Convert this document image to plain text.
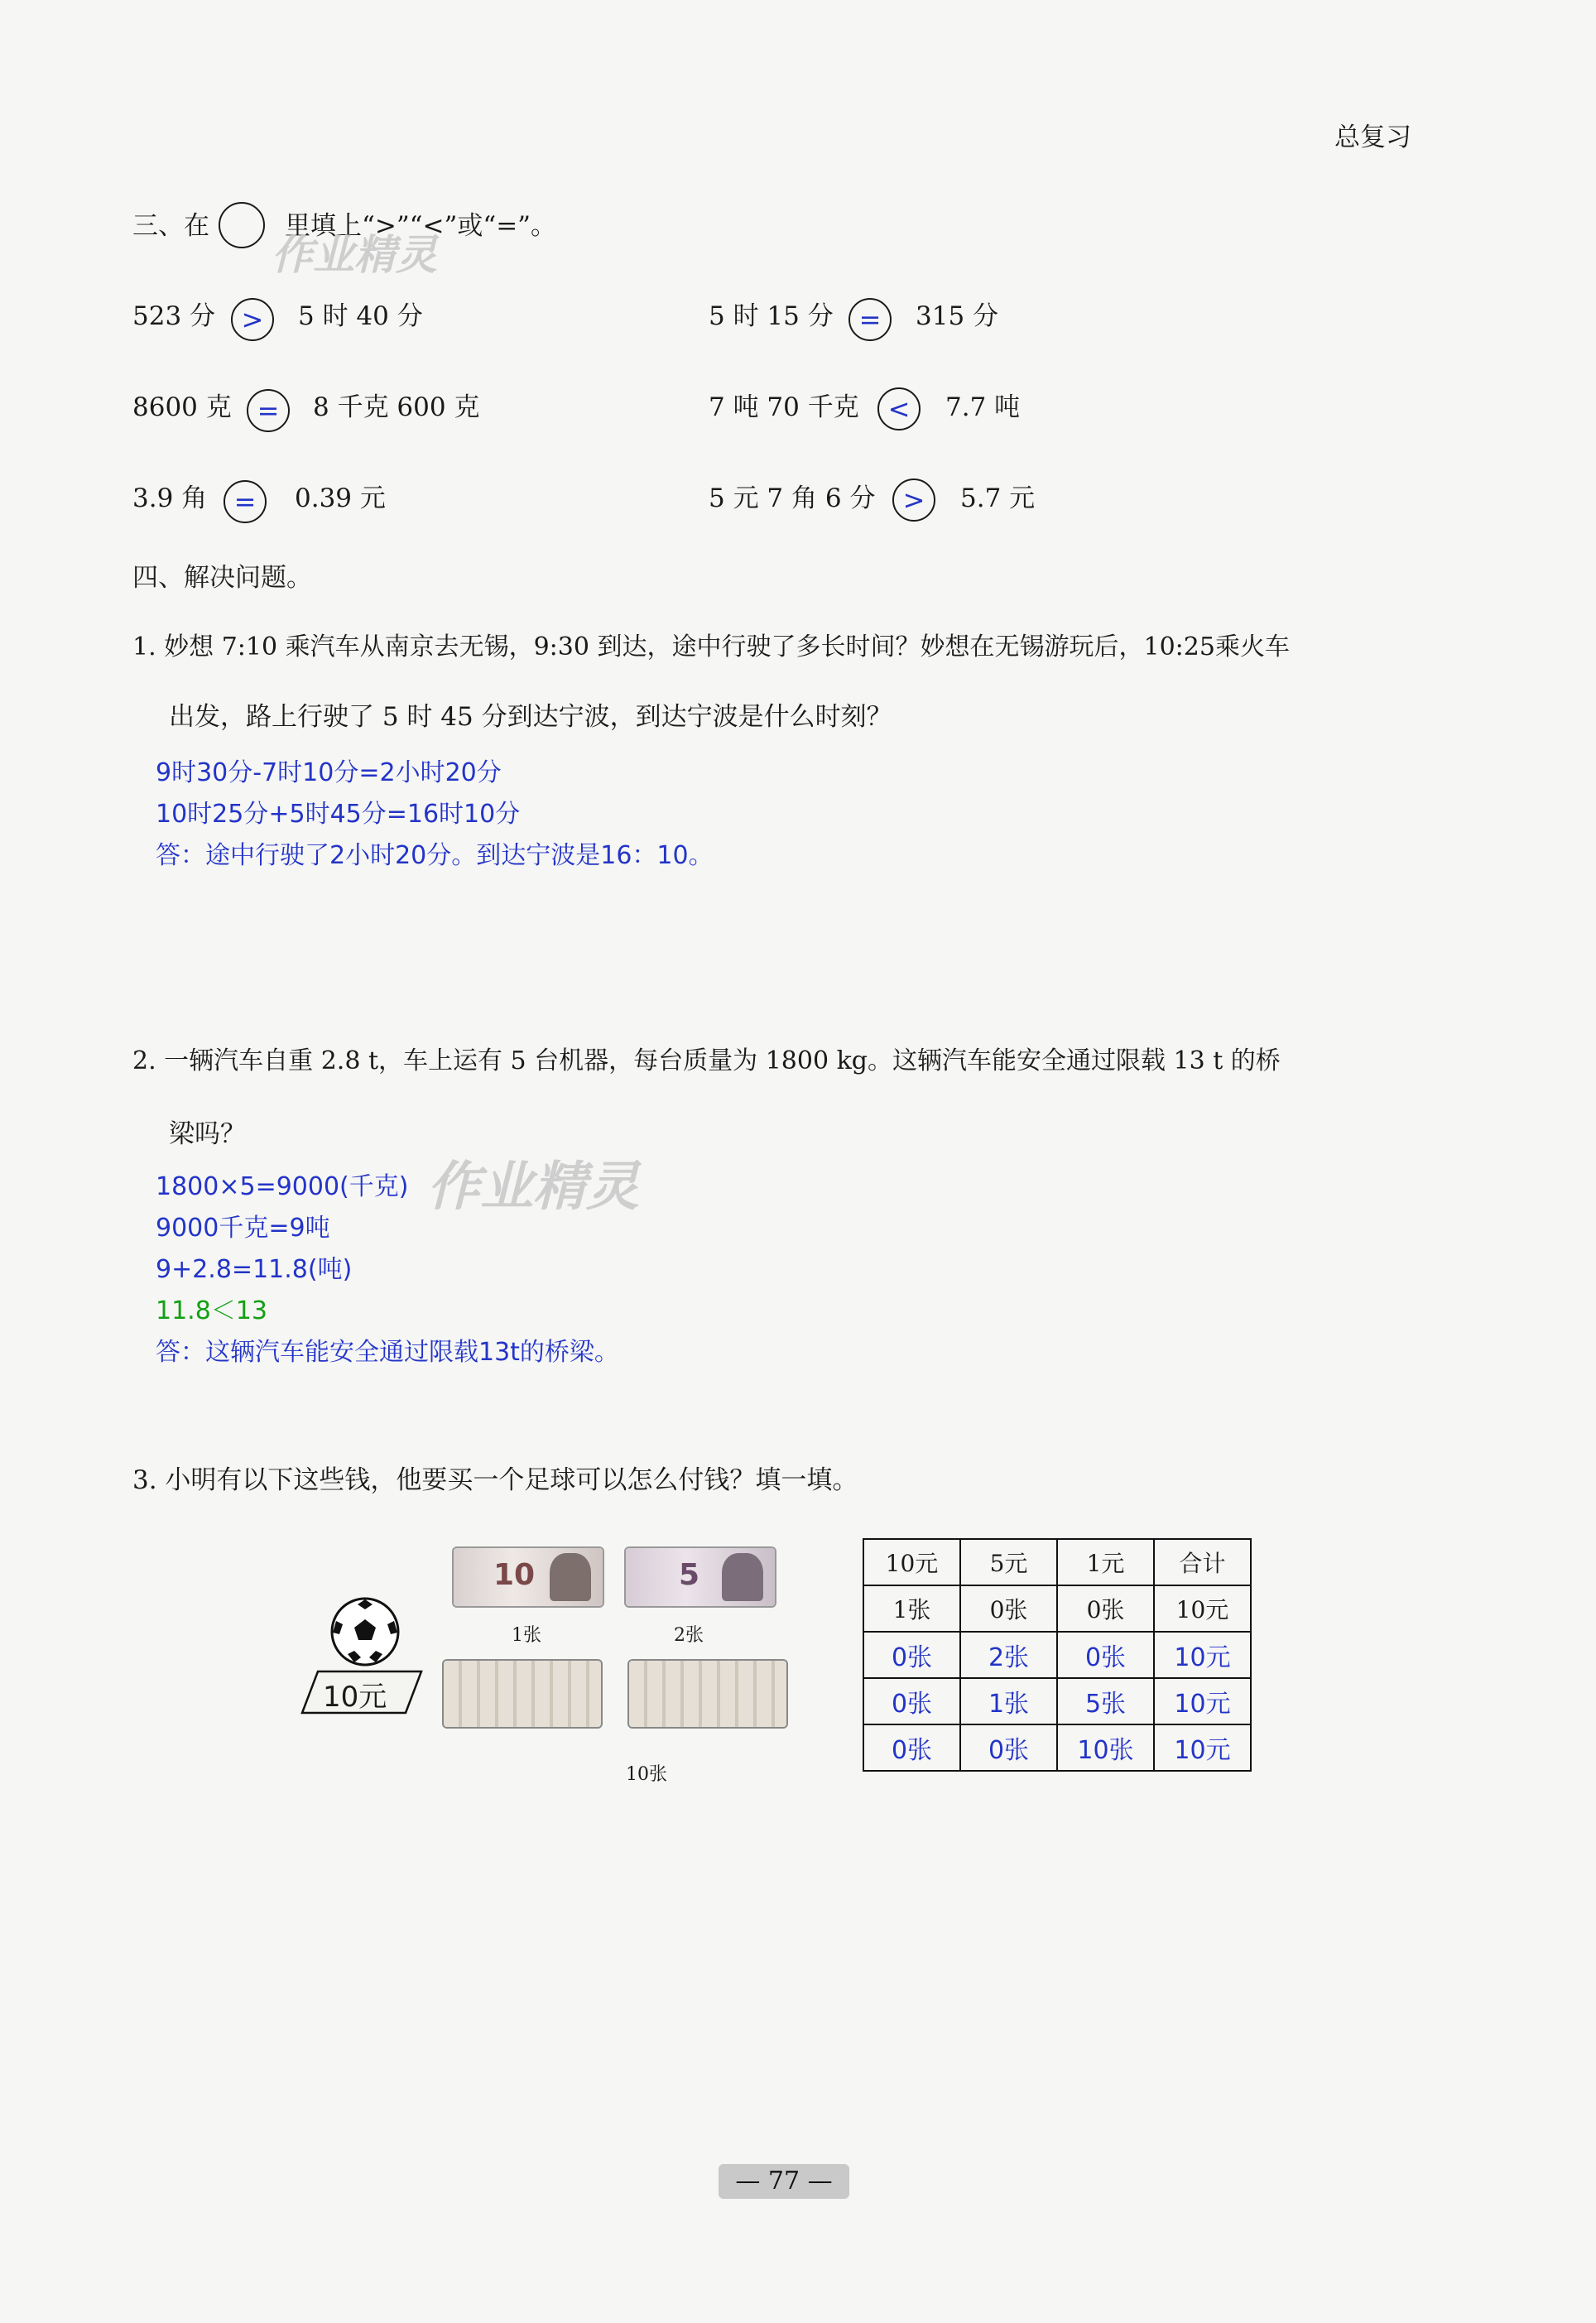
总复习
三、在	里填上“>”“<”或“=”。
作业精灵
523 分 >	5 时 40 分	5 时 15 分 =	315 分
8600 克 =	8 千克 600 克	7 吨 70 千克	<	7.7 吨
3.9 角	=	0.39 元	5 元 7 角 6 分	>	5.7 元
四、解决问题。
1. 妙想 7:10 乘汽车从南京去无锡，9:30 到达，途中行驶了多长时间？妙想在无锡游玩后，10:25乘火车
出发，路上行驶了 5 时 45 分到达宁波，到达宁波是什么时刻？
9时30分-7时10分=2小时20分
10时25分+5时45分=16时10分
答：途中行驶了2小时20分。到达宁波是16：10。
2. 一辆汽车自重 2.8 t，车上运有 5 台机器，每台质量为 1800 kg。这辆汽车能安全通过限载 13 t 的桥
梁吗？
1800×5=9000(千克) 作业精灵
9000千克=9吨
9+2.8=11.8(吨)
11.8＜13
答：这辆汽车能安全通过限载13t的桥梁。
3. 小明有以下这些钱，他要买一个足球可以怎么付钱？填一填。
10元
10
1张
5
2张
10张
10元	5元	1元	合计
1张	0张	0张	10元
0张	2张	0张	10元
0张	1张	5张	10元
0张	0张	10张	10元
— 77 —
